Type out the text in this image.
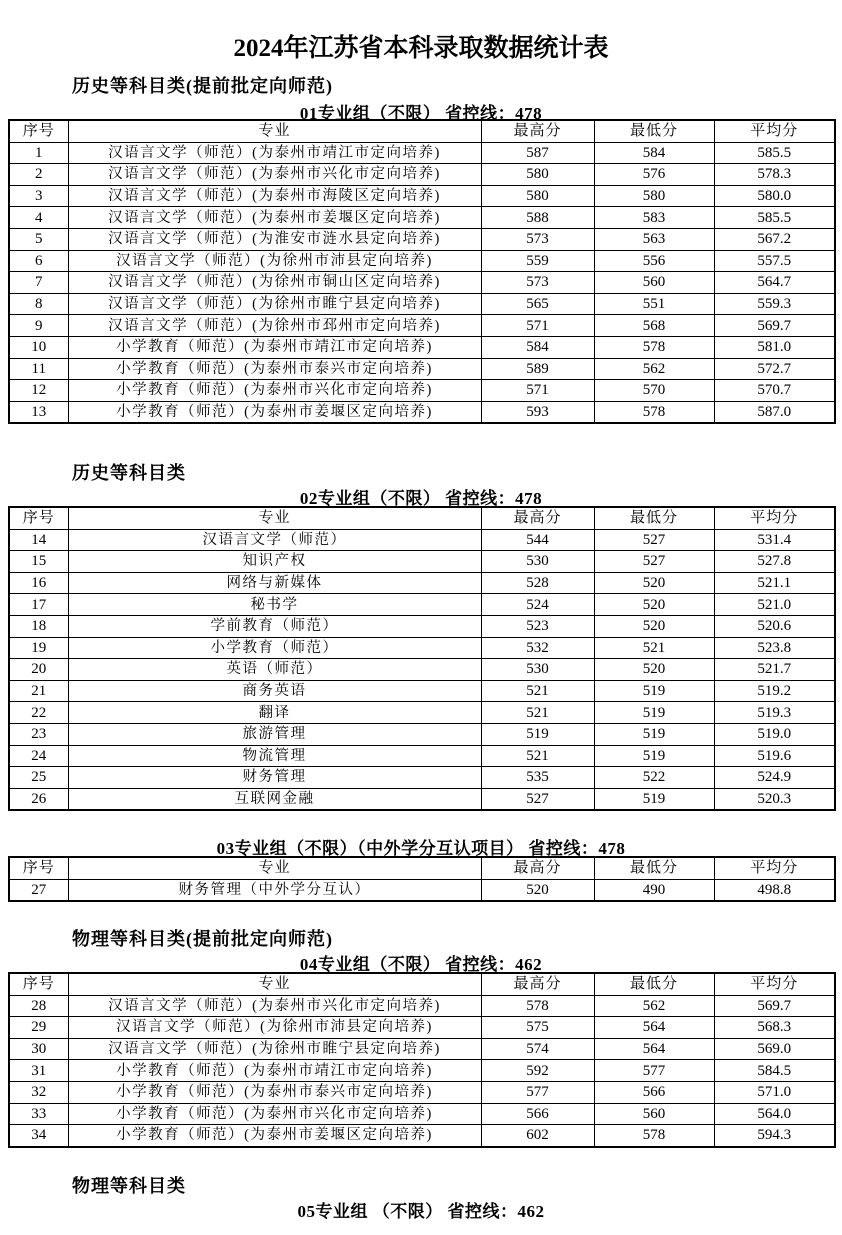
2024年江苏省本科录取数据统计表
历史等科目类(提前批定向师范)
01专业组（不限） 省控线：478
序号	专业	最高分	最低分	平均分
1	汉语言文学（师范）(为泰州市靖江市定向培养)	587	584	585.5
2	汉语言文学（师范）(为泰州市兴化市定向培养)	580	576	578.3
3	汉语言文学（师范）(为泰州市海陵区定向培养)	580	580	580.0
4	汉语言文学（师范）(为泰州市姜堰区定向培养)	588	583	585.5
5	汉语言文学（师范）(为淮安市涟水县定向培养)	573	563	567.2
6	汉语言文学（师范）(为徐州市沛县定向培养)	559	556	557.5
7	汉语言文学（师范）(为徐州市铜山区定向培养)	573	560	564.7
8	汉语言文学（师范）(为徐州市睢宁县定向培养)	565	551	559.3
9	汉语言文学（师范）(为徐州市邳州市定向培养)	571	568	569.7
10	小学教育（师范）(为泰州市靖江市定向培养)	584	578	581.0
11	小学教育（师范）(为泰州市泰兴市定向培养)	589	562	572.7
12	小学教育（师范）(为泰州市兴化市定向培养)	571	570	570.7
13	小学教育（师范）(为泰州市姜堰区定向培养)	593	578	587.0
历史等科目类
02专业组（不限） 省控线：478
序号	专业	最高分	最低分	平均分
14	汉语言文学（师范）	544	527	531.4
15	知识产权	530	527	527.8
16	网络与新媒体	528	520	521.1
17	秘书学	524	520	521.0
18	学前教育（师范）	523	520	520.6
19	小学教育（师范）	532	521	523.8
20	英语（师范）	530	520	521.7
21	商务英语	521	519	519.2
22	翻译	521	519	519.3
23	旅游管理	519	519	519.0
24	物流管理	521	519	519.6
25	财务管理	535	522	524.9
26	互联网金融	527	519	520.3
03专业组（不限）（中外学分互认项目） 省控线：478
序号	专业	最高分	最低分	平均分
27	财务管理（中外学分互认）	520	490	498.8
物理等科目类(提前批定向师范)
04专业组（不限） 省控线：462
序号	专业	最高分	最低分	平均分
28	汉语言文学（师范）(为泰州市兴化市定向培养)	578	562	569.7
29	汉语言文学（师范）(为徐州市沛县定向培养)	575	564	568.3
30	汉语言文学（师范）(为徐州市睢宁县定向培养)	574	564	569.0
31	小学教育（师范）(为泰州市靖江市定向培养)	592	577	584.5
32	小学教育（师范）(为泰州市泰兴市定向培养)	577	566	571.0
33	小学教育（师范）(为泰州市兴化市定向培养)	566	560	564.0
34	小学教育（师范）(为泰州市姜堰区定向培养)	602	578	594.3
物理等科目类
05专业组 （不限） 省控线：462
